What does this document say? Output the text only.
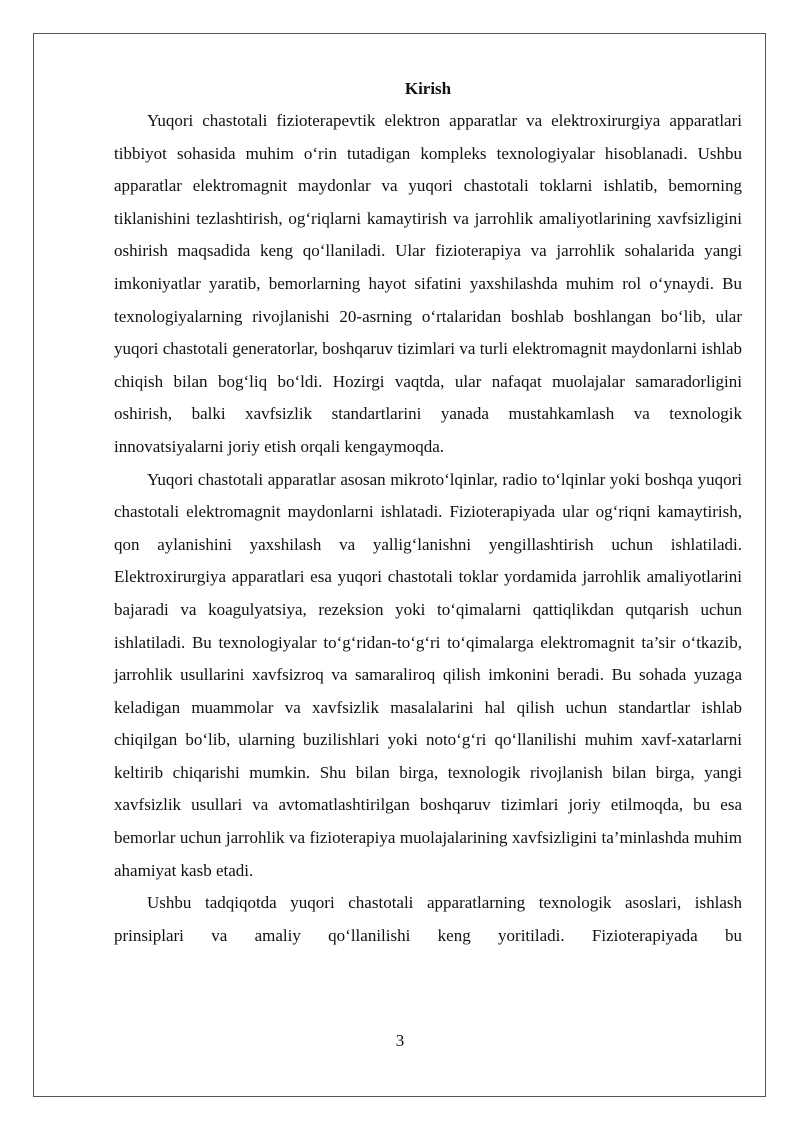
Kirish

Yuqori chastotali fizioterapevtik elektron apparatlar va elektroxirurgiya apparatlari tibbiyot sohasida muhim o‘rin tutadigan kompleks texnologiyalar hisoblanadi. Ushbu apparatlar elektromagnit maydonlar va yuqori chastotali toklarni ishlatib, bemorning tiklanishini tezlashtirish, og‘riqlarni kamaytirish va jarrohlik amaliyotlarining xavfsizligini oshirish maqsadida keng qo‘llaniladi. Ular fizioterapiya va jarrohlik sohalarida yangi imkoniyatlar yaratib, bemorlarning hayot sifatini yaxshilashda muhim rol o‘ynaydi. Bu texnologiyalarning rivojlanishi 20-asrning o‘rtalaridan boshlab boshlangan bo‘lib, ular yuqori chastotali generatorlar, boshqaruv tizimlari va turli elektromagnit maydonlarni ishlab chiqish bilan bog‘liq bo‘ldi. Hozirgi vaqtda, ular nafaqat muolajalar samaradorligini oshirish, balki xavfsizlik standartlarini yanada mustahkamlash va texnologik innovatsiyalarni joriy etish orqali kengaymoqda.

Yuqori chastotali apparatlar asosan mikroto‘lqinlar, radio to‘lqinlar yoki boshqa yuqori chastotali elektromagnit maydonlarni ishlatadi. Fizioterapiyada ular og‘riqni kamaytirish, qon aylanishini yaxshilash va yallig‘lanishni yengillashtirish uchun ishlatiladi. Elektroxirurgiya apparatlari esa yuqori chastotali toklar yordamida jarrohlik amaliyotlarini bajaradi va koagulyatsiya, rezeksion yoki to‘qimalarni qattiqlikdan qutqarish uchun ishlatiladi. Bu texnologiyalar to‘g‘ridan-to‘g‘ri to‘qimalarga elektromagnit ta’sir o‘tkazib, jarrohlik usullarini xavfsizroq va samaraliroq qilish imkonini beradi. Bu sohada yuzaga keladigan muammolar va xavfsizlik masalalarini hal qilish uchun standartlar ishlab chiqilgan bo‘lib, ularning buzilishlari yoki noto‘g‘ri qo‘llanilishi muhim xavf-xatarlarni keltirib chiqarishi mumkin. Shu bilan birga, texnologik rivojlanish bilan birga, yangi xavfsizlik usullari va avtomatlashtirilgan boshqaruv tizimlari joriy etilmoqda, bu esa bemorlar uchun jarrohlik va fizioterapiya muolajalarining xavfsizligini ta’minlashda muhim ahamiyat kasb etadi.

Ushbu tadqiqotda yuqori chastotali apparatlarning texnologik asoslari, ishlash prinsiplari va amaliy qo‘llanilishi keng yoritiladi. Fizioterapiyada bu

3
